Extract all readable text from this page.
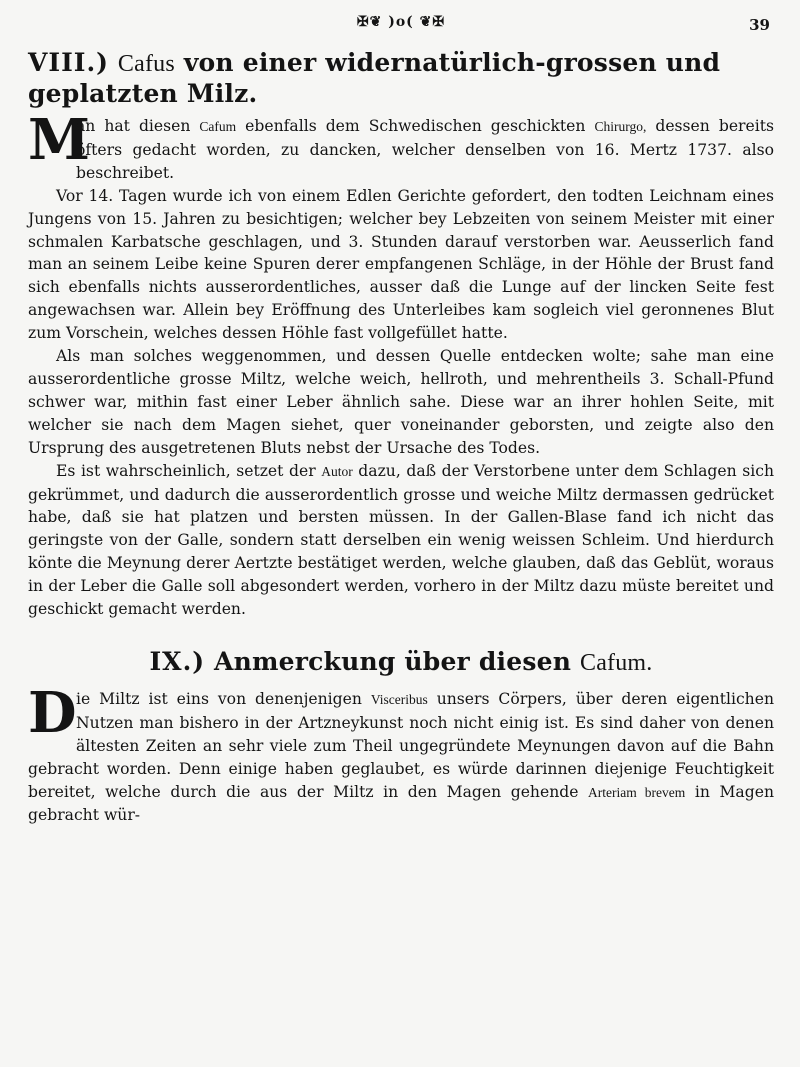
✠❦ )o( ❦✠	39
VIII.) Cafus von einer widernatürlich-grossen und geplatzten Milz.

M
an hat diesen Cafum ebenfalls dem Schwedischen geschickten Chirurgo, dessen bereits öfters gedacht worden, zu dancken, welcher denselben von 16. Mertz 1737. also beschreibet.

Vor 14. Tagen wurde ich von einem Edlen Gerichte gefordert, den todten Leichnam eines Jungens von 15. Jahren zu besichtigen; welcher bey Lebzeiten von seinem Meister mit einer schmalen Karbatsche geschlagen, und 3. Stunden darauf verstorben war. Aeusserlich fand man an seinem Leibe keine Spuren derer empfangenen Schläge, in der Höhle der Brust fand sich ebenfalls nichts ausserordentliches, ausser daß die Lunge auf der lincken Seite fest angewachsen war. Allein bey Eröffnung des Unterleibes kam sogleich viel geronnenes Blut zum Vorschein, welches dessen Höhle fast vollgefüllet hatte.

Als man solches weggenommen, und dessen Quelle entdecken wolte; sahe man eine ausserordentliche grosse Miltz, welche weich, hellroth, und mehrentheils 3. Schall-Pfund schwer war, mithin fast einer Leber ähnlich sahe. Diese war an ihrer hohlen Seite, mit welcher sie nach dem Magen siehet, quer voneinander geborsten, und zeigte also den Ursprung des ausgetretenen Bluts nebst der Ursache des Todes.

Es ist wahrscheinlich, setzet der Autor dazu, daß der Verstorbene unter dem Schlagen sich gekrümmet, und dadurch die ausserordentlich grosse und weiche Miltz dermassen gedrücket habe, daß sie hat platzen und bersten müssen. In der Gallen-Blase fand ich nicht das geringste von der Galle, sondern statt derselben ein wenig weissen Schleim. Und hierdurch könte die Meynung derer Aertzte bestätiget werden, welche glauben, daß das Geblüt, woraus in der Leber die Galle soll abgesondert werden, vorhero in der Miltz dazu müste bereitet und geschickt gemacht werden.

IX.) Anmerckung über diesen Cafum.

Die Miltz ist eins von denenjenigen Visceribus unsers Cörpers, über deren eigentlichen Nutzen man bishero in der Artzneykunst noch nicht einig ist. Es sind daher von denen ältesten Zeiten an sehr viele zum Theil ungegründete Meynungen davon auf die Bahn gebracht worden. Denn einige haben geglaubet, es würde darinnen diejenige Feuchtigkeit bereitet, welche durch die aus der Miltz in den Magen gehende Arteriam brevem in Magen gebracht wür-
